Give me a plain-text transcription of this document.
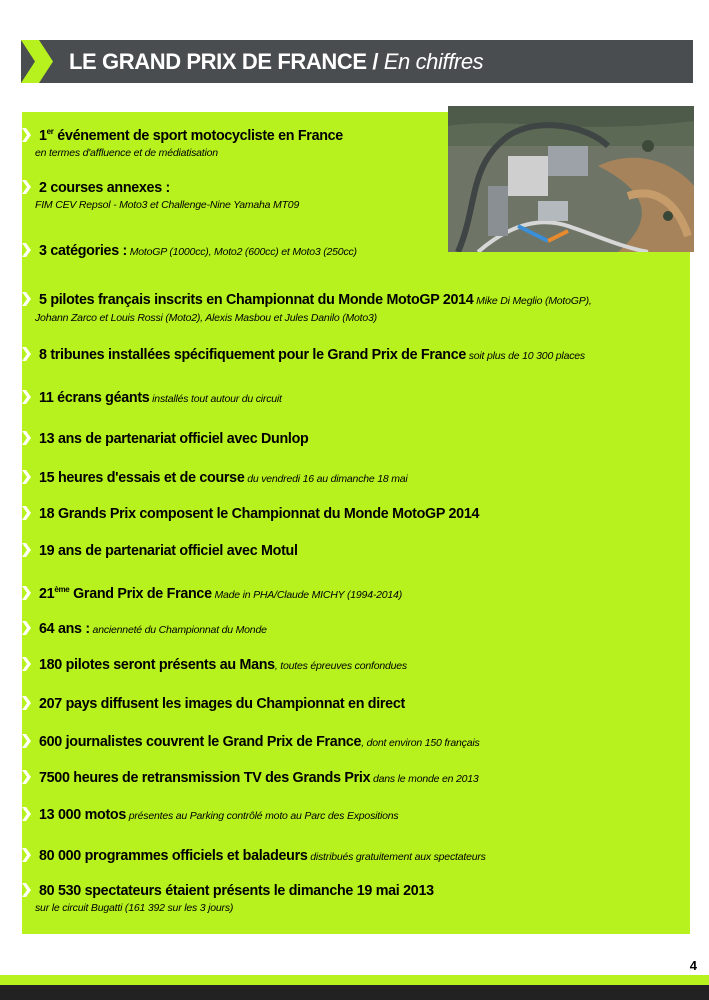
LE GRAND PRIX DE FRANCE / En chiffres
1er événement de sport motocycliste en France
en termes d'affluence et de médiatisation
2 courses annexes :
FIM CEV Repsol - Moto3 et Challenge-Nine Yamaha MT09
3 catégories : MotoGP (1000cc), Moto2 (600cc) et Moto3 (250cc)
5 pilotes français inscrits en Championnat du Monde MotoGP 2014 Mike Di Meglio (MotoGP),
Johann Zarco et Louis Rossi (Moto2), Alexis Masbou et Jules Danilo (Moto3)
8 tribunes installées spécifiquement pour le Grand Prix de France soit plus de 10 300 places
11 écrans géants installés tout autour du circuit
13 ans de partenariat officiel avec Dunlop
15 heures d'essais et de course du vendredi 16 au dimanche 18 mai
18 Grands Prix composent le Championnat du Monde MotoGP 2014
19 ans de partenariat officiel avec Motul
21ème Grand Prix de France Made in PHA/Claude MICHY (1994-2014)
64 ans : ancienneté du Championnat du Monde
180 pilotes seront présents au Mans, toutes épreuves confondues
207 pays diffusent les images du Championnat en direct
600 journalistes couvrent le Grand Prix de France, dont environ 150 français
7500 heures de retransmission TV des Grands Prix dans le monde en 2013
13 000 motos présentes au Parking contrôlé moto au Parc des Expositions
80 000 programmes officiels et baladeurs distribués gratuitement aux spectateurs
80 530 spectateurs étaient présents le dimanche 19 mai 2013
sur le circuit Bugatti (161 392 sur les 3 jours)
4
